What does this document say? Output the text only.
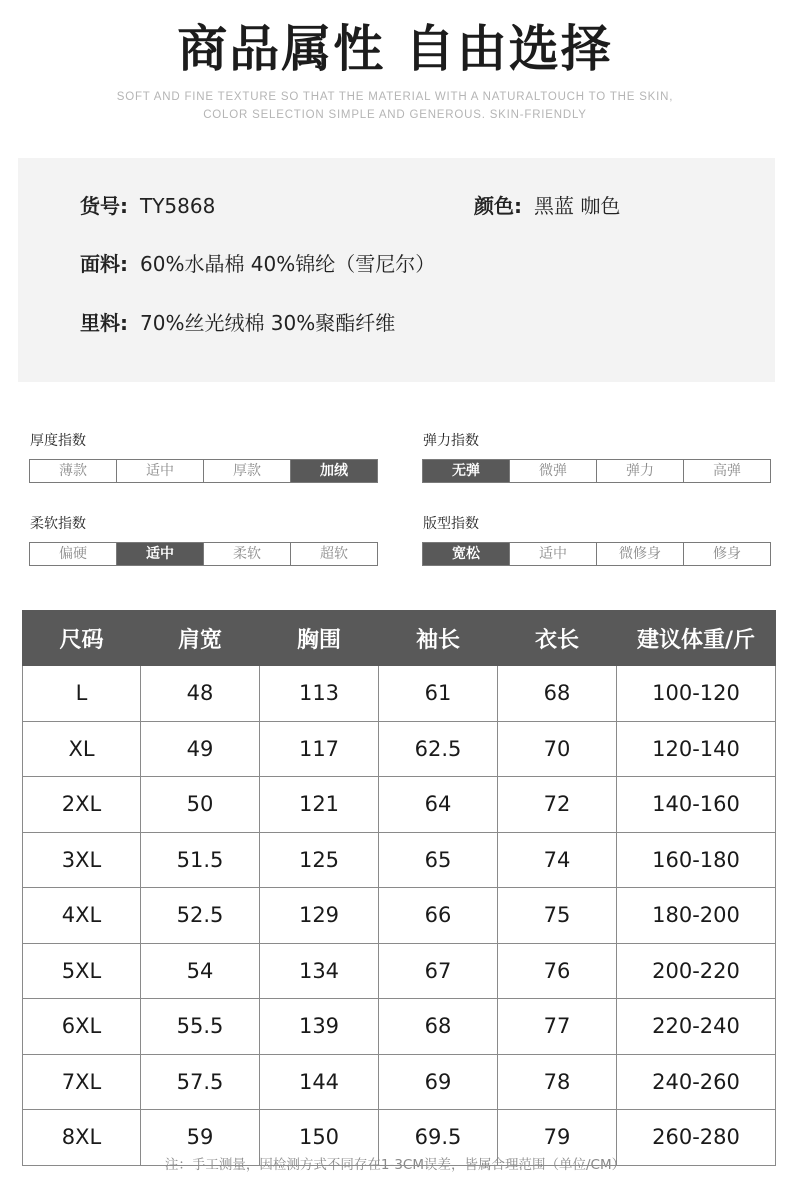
商品属性 自由选择
SOFT AND FINE TEXTURE SO THAT THE MATERIAL WITH A NATURALTOUCH TO THE SKIN,
COLOR SELECTION SIMPLE AND GENEROUS. SKIN-FRIENDLY
货号: TY5868	颜色: 黑蓝 咖色
面料: 60%水晶棉 40%锦纶（雪尼尔）
里料: 70%丝光绒棉 30%聚酯纤维
厚度指数
薄款	适中	厚款	加绒
弹力指数
无弹	微弹	弹力	高弹
柔软指数
偏硬	适中	柔软	超软
版型指数
宽松	适中	微修身	修身
尺码	肩宽	胸围	袖长	衣长	建议体重/斤
L	48	113	61	68	100-120
XL	49	117	62.5	70	120-140
2XL	50	121	64	72	140-160
3XL	51.5	125	65	74	160-180
4XL	52.5	129	66	75	180-200
5XL	54	134	67	76	200-220
6XL	55.5	139	68	77	220-240
7XL	57.5	144	69	78	240-260
8XL	59	150	69.5	79	260-280
注：手工测量，因检测方式不同存在1-3CM误差，皆属合理范围（单位/CM）
